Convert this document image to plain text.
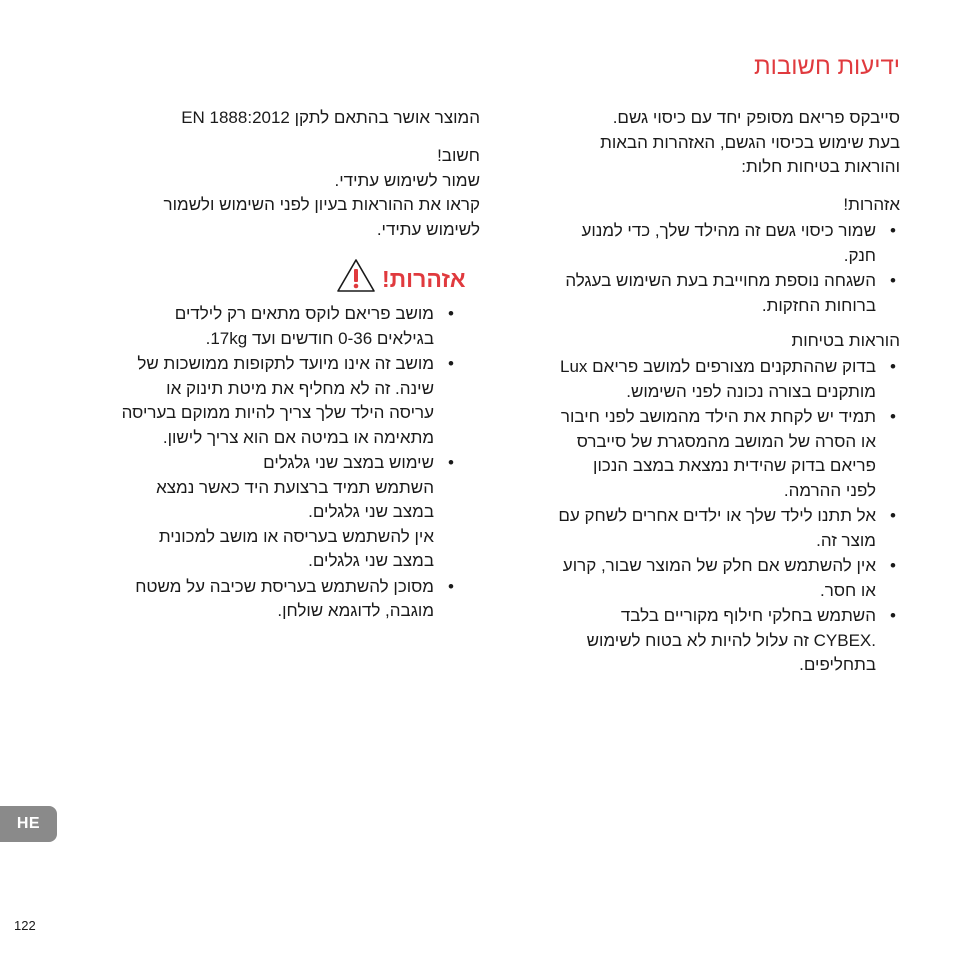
ידיעות חשובות
סייבקס פריאם מסופק יחד עם כיסוי גשם.
בעת שימוש בכיסוי הגשם, האזהרות הבאות
והוראות בטיחות חלות:
אזהרות!
•
שמור כיסוי גשם זה מהילד שלך, כדי למנוע
חנק.
•
השגחה נוספת מחוייבת בעת השימוש בעגלה
ברוחות החזקות.
הוראות בטיחות
•
בדוק שההתקנים מצורפים למושב פריאם Lux
מותקנים בצורה נכונה לפני השימוש.
•
תמיד יש לקחת את הילד מהמושב לפני חיבור
או הסרה של המושב מהמסגרת של סייברס
פריאם בדוק שהידית נמצאת במצב הנכון
לפני ההרמה.
•
אל תתנו לילד שלך או ילדים אחרים לשחק עם
מוצר זה.
•
אין להשתמש אם חלק של המוצר שבור, קרוע
או חסר.
•
השתמש בחלקי חילוף מקוריים בלבד
.CYBEX זה עלול להיות לא בטוח לשימוש
בתחליפים.
המוצר אושר בהתאם לתקן EN 1888:2012
חשוב!
שמור לשימוש עתידי.
קראו את ההוראות בעיון לפני השימוש ולשמור
לשימוש עתידי.
אזהרות!
•
מושב פריאם לוקס מתאים רק לילדים
בגילאים 0-36 חודשים ועד 17kg.
•
מושב זה אינו מיועד לתקופות ממושכות של
שינה. זה לא מחליף את מיטת תינוק או
עריסה הילד שלך צריך להיות ממוקם בעריסה
מתאימה או במיטה אם הוא צריך לישון.
•
שימוש במצב שני גלגלים
השתמש תמיד ברצועת היד כאשר נמצא
במצב שני גלגלים.
אין להשתמש בעריסה או מושב למכונית
במצב שני גלגלים.
•
מסוכן להשתמש בעריסת שכיבה על משטח
מוגבה, לדוגמא שולחן.
HE
122
